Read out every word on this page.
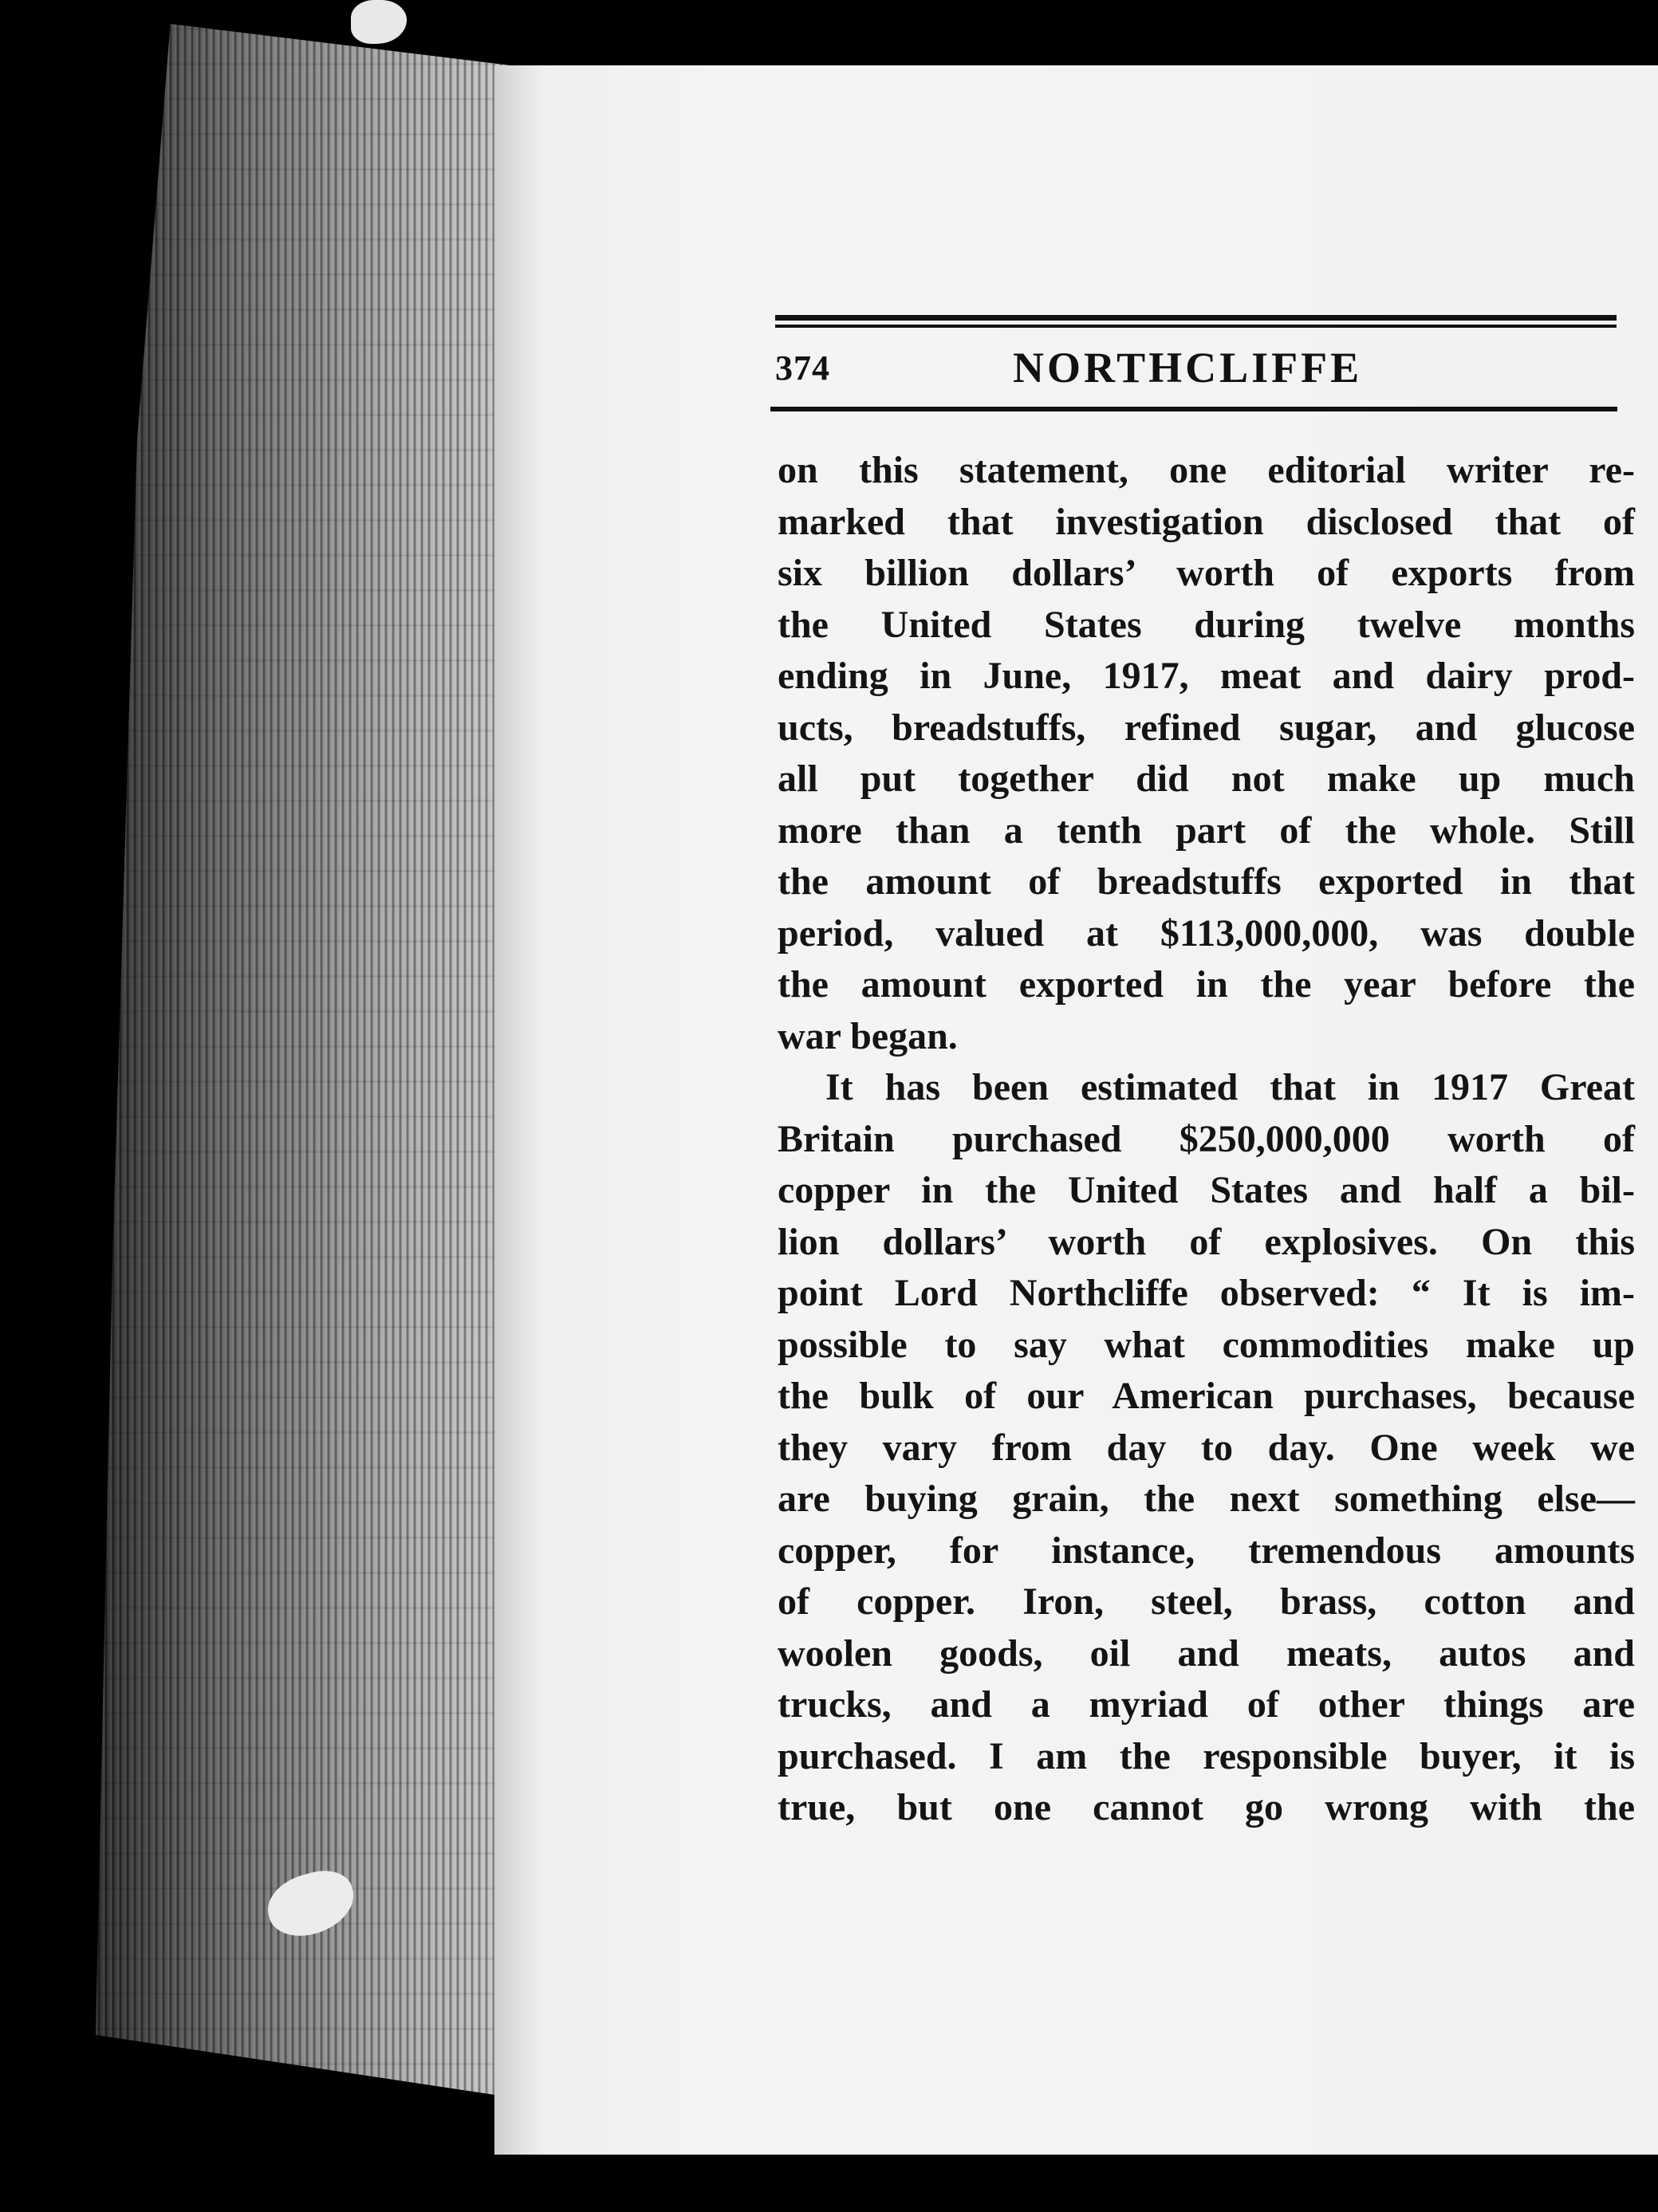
374	NORTHCLIFFE
on this statement, one editorial writer re-
marked that investigation disclosed that of
six billion dollars’ worth of exports from
the United States during twelve months
ending in June, 1917, meat and dairy prod-
ucts, breadstuffs, refined sugar, and glucose
all put together did not make up much
more than a tenth part of the whole. Still
the amount of breadstuffs exported in that
period, valued at $113,000,000, was double
the amount exported in the year before the
war began.
It has been estimated that in 1917 Great
Britain purchased $250,000,000 worth of
copper in the United States and half a bil-
lion dollars’ worth of explosives. On this
point Lord Northcliffe observed: “ It is im-
possible to say what commodities make up
the bulk of our American purchases, because
they vary from day to day. One week we
are buying grain, the next something else—
copper, for instance, tremendous amounts
of copper. Iron, steel, brass, cotton and
woolen goods, oil and meats, autos and
trucks, and a myriad of other things are
purchased. I am the responsible buyer, it is
true, but one cannot go wrong with the
